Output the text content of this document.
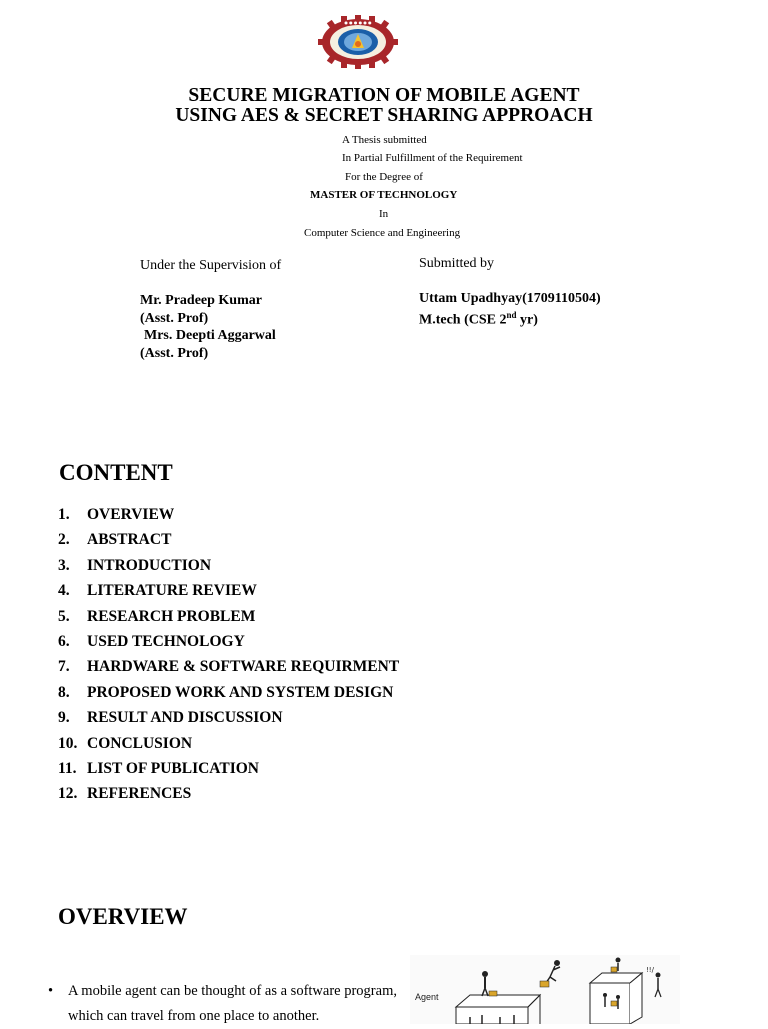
● ● ● ● ● ●
SECURE MIGRATION OF MOBILE AGENT
USING AES & SECRET SHARING APPROACH
A Thesis submitted
In Partial Fulfillment of the Requirement
For the Degree of
MASTER OF TECHNOLOGY
In
Computer Science and Engineering
Under the Supervision of
Mr. Pradeep Kumar
(Asst. Prof)
Mrs. Deepti Aggarwal
(Asst. Prof)
Submitted by
Uttam Upadhyay(1709110504)
M.tech (CSE 2nd yr)
CONTENT
1. OVERVIEW
2. ABSTRACT
3. INTRODUCTION
4. LITERATURE REVIEW
5. RESEARCH PROBLEM
6. USED TECHNOLOGY
7. HARDWARE & SOFTWARE REQUIRMENT
8. PROPOSED WORK AND SYSTEM DESIGN
9. RESULT AND DISCUSSION
10. CONCLUSION
11. LIST OF PUBLICATION
12. REFERENCES
OVERVIEW
• A mobile agent can be thought of as a software program,
which can travel from one place to another.
Agent
!!/
